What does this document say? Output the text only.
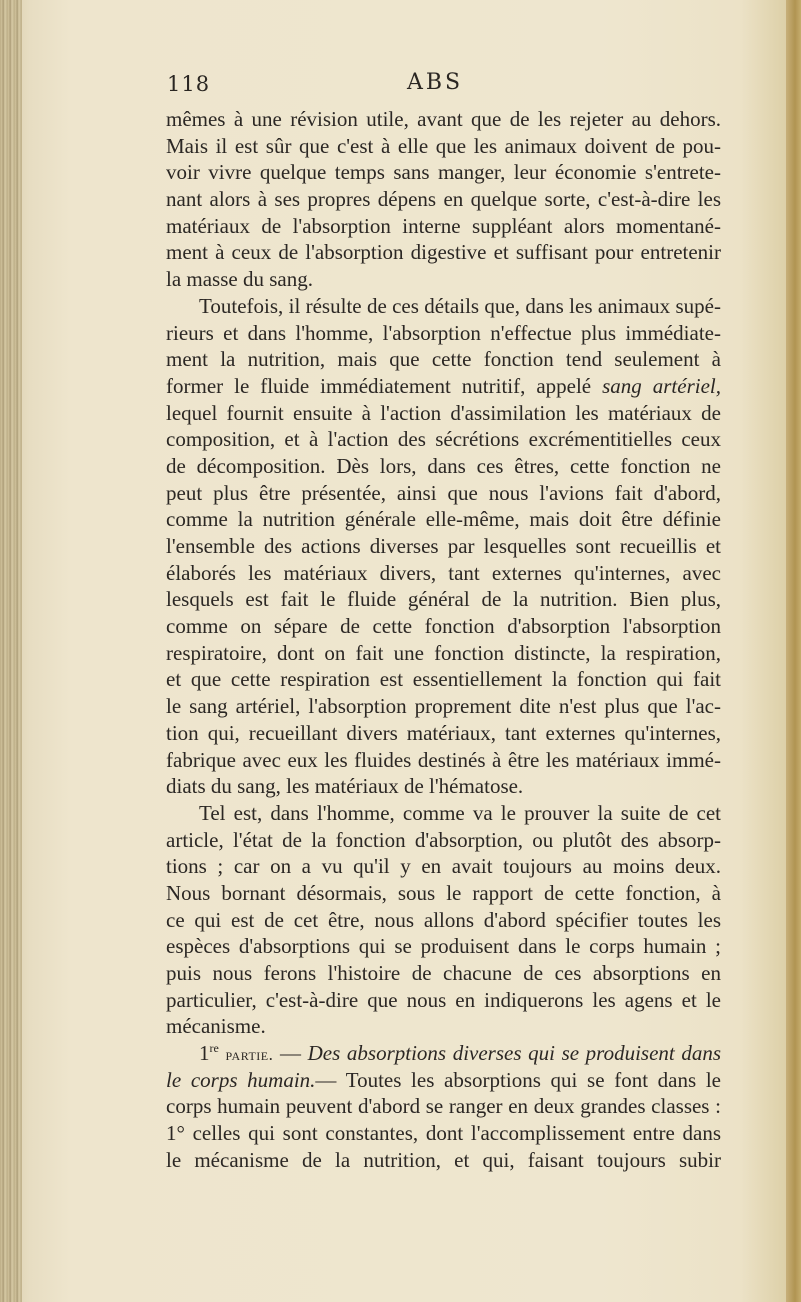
118	ABS
mêmes à une révision utile, avant que de les rejeter au dehors.
Mais il est sûr que c'est à elle que les animaux doivent de pou-
voir vivre quelque temps sans manger, leur économie s'entrete-
nant alors à ses propres dépens en quelque sorte, c'est-à-dire les
matériaux de l'absorption interne suppléant alors momentané-
ment à ceux de l'absorption digestive et suffisant pour entretenir
la masse du sang.
Toutefois, il résulte de ces détails que, dans les animaux supé-
rieurs et dans l'homme, l'absorption n'effectue plus immédiate-
ment la nutrition, mais que cette fonction tend seulement à
former le fluide immédiatement nutritif, appelé sang artériel,
lequel fournit ensuite à l'action d'assimilation les matériaux de
composition, et à l'action des sécrétions excrémentitielles ceux
de décomposition. Dès lors, dans ces êtres, cette fonction ne
peut plus être présentée, ainsi que nous l'avions fait d'abord,
comme la nutrition générale elle-même, mais doit être définie
l'ensemble des actions diverses par lesquelles sont recueillis et
élaborés les matériaux divers, tant externes qu'internes, avec
lesquels est fait le fluide général de la nutrition. Bien plus,
comme on sépare de cette fonction d'absorption l'absorption
respiratoire, dont on fait une fonction distincte, la respiration,
et que cette respiration est essentiellement la fonction qui fait
le sang artériel, l'absorption proprement dite n'est plus que l'ac-
tion qui, recueillant divers matériaux, tant externes qu'internes,
fabrique avec eux les fluides destinés à être les matériaux immé-
diats du sang, les matériaux de l'hématose.
Tel est, dans l'homme, comme va le prouver la suite de cet
article, l'état de la fonction d'absorption, ou plutôt des absorp-
tions ; car on a vu qu'il y en avait toujours au moins deux.
Nous bornant désormais, sous le rapport de cette fonction, à
ce qui est de cet être, nous allons d'abord spécifier toutes les
espèces d'absorptions qui se produisent dans le corps humain ;
puis nous ferons l'histoire de chacune de ces absorptions en
particulier, c'est-à-dire que nous en indiquerons les agens et le
mécanisme.
1re partie. — Des absorptions diverses qui se produisent dans
le corps humain.— Toutes les absorptions qui se font dans le
corps humain peuvent d'abord se ranger en deux grandes classes :
1° celles qui sont constantes, dont l'accomplissement entre dans
le mécanisme de la nutrition, et qui, faisant toujours subir
